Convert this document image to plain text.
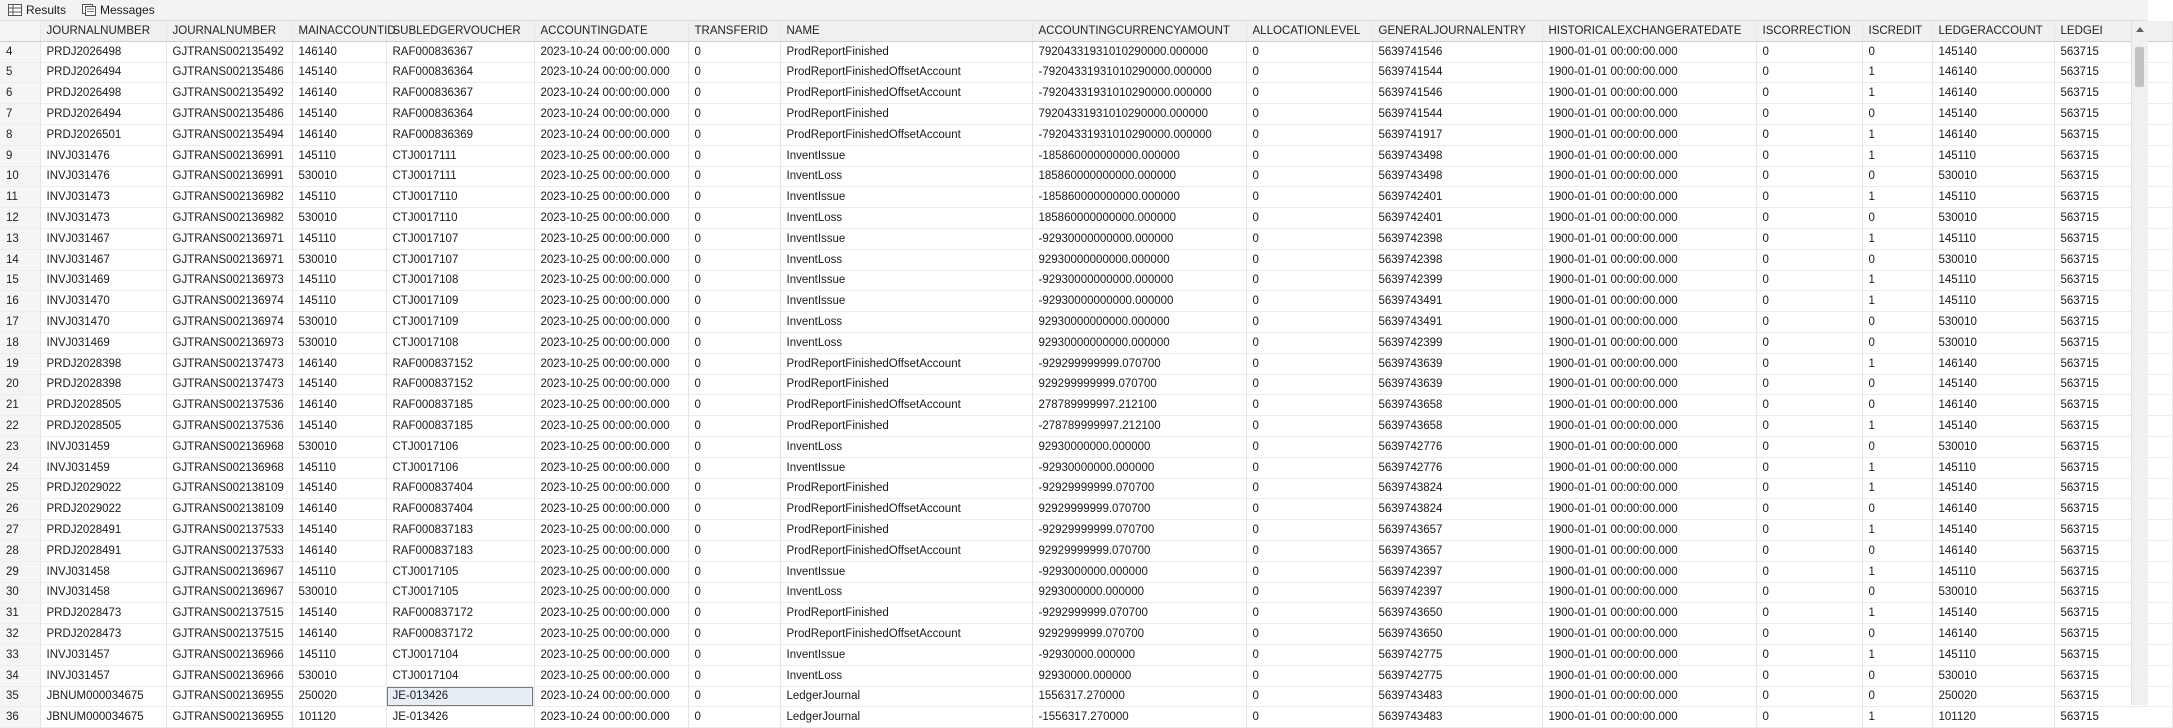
Results	Messages
	JOURNALNUMBER	JOURNALNUMBER	MAINACCOUNTID	SUBLEDGERVOUCHER	ACCOUNTINGDATE	TRANSFERID	NAME	ACCOUNTINGCURRENCYAMOUNT	ALLOCATIONLEVEL	GENERALJOURNALENTRY	HISTORICALEXCHANGERATEDATE	ISCORRECTION	ISCREDIT	LEDGERACCOUNT	LEDGEI
4	PRDJ2026498	GJTRANS002135492	146140	RAF000836367	2023-10-24 00:00:00.000	0	ProdReportFinished	79204331931010290000.000000	0	5639741546	1900-01-01 00:00:00.000	0	0	145140	563715
5	PRDJ2026494	GJTRANS002135486	145140	RAF000836364	2023-10-24 00:00:00.000	0	ProdReportFinishedOffsetAccount	-79204331931010290000.000000	0	5639741544	1900-01-01 00:00:00.000	0	1	146140	563715
6	PRDJ2026498	GJTRANS002135492	146140	RAF000836367	2023-10-24 00:00:00.000	0	ProdReportFinishedOffsetAccount	-79204331931010290000.000000	0	5639741546	1900-01-01 00:00:00.000	0	1	146140	563715
7	PRDJ2026494	GJTRANS002135486	145140	RAF000836364	2023-10-24 00:00:00.000	0	ProdReportFinished	79204331931010290000.000000	0	5639741544	1900-01-01 00:00:00.000	0	0	145140	563715
8	PRDJ2026501	GJTRANS002135494	146140	RAF000836369	2023-10-24 00:00:00.000	0	ProdReportFinishedOffsetAccount	-79204331931010290000.000000	0	5639741917	1900-01-01 00:00:00.000	0	1	146140	563715
9	INVJ031476	GJTRANS002136991	145110	CTJ0017111	2023-10-25 00:00:00.000	0	InventIssue	-185860000000000.000000	0	5639743498	1900-01-01 00:00:00.000	0	1	145110	563715
10	INVJ031476	GJTRANS002136991	530010	CTJ0017111	2023-10-25 00:00:00.000	0	InventLoss	185860000000000.000000	0	5639743498	1900-01-01 00:00:00.000	0	0	530010	563715
11	INVJ031473	GJTRANS002136982	145110	CTJ0017110	2023-10-25 00:00:00.000	0	InventIssue	-185860000000000.000000	0	5639742401	1900-01-01 00:00:00.000	0	1	145110	563715
12	INVJ031473	GJTRANS002136982	530010	CTJ0017110	2023-10-25 00:00:00.000	0	InventLoss	185860000000000.000000	0	5639742401	1900-01-01 00:00:00.000	0	0	530010	563715
13	INVJ031467	GJTRANS002136971	145110	CTJ0017107	2023-10-25 00:00:00.000	0	InventIssue	-92930000000000.000000	0	5639742398	1900-01-01 00:00:00.000	0	1	145110	563715
14	INVJ031467	GJTRANS002136971	530010	CTJ0017107	2023-10-25 00:00:00.000	0	InventLoss	92930000000000.000000	0	5639742398	1900-01-01 00:00:00.000	0	0	530010	563715
15	INVJ031469	GJTRANS002136973	145110	CTJ0017108	2023-10-25 00:00:00.000	0	InventIssue	-92930000000000.000000	0	5639742399	1900-01-01 00:00:00.000	0	1	145110	563715
16	INVJ031470	GJTRANS002136974	145110	CTJ0017109	2023-10-25 00:00:00.000	0	InventIssue	-92930000000000.000000	0	5639743491	1900-01-01 00:00:00.000	0	1	145110	563715
17	INVJ031470	GJTRANS002136974	530010	CTJ0017109	2023-10-25 00:00:00.000	0	InventLoss	92930000000000.000000	0	5639743491	1900-01-01 00:00:00.000	0	0	530010	563715
18	INVJ031469	GJTRANS002136973	530010	CTJ0017108	2023-10-25 00:00:00.000	0	InventLoss	92930000000000.000000	0	5639742399	1900-01-01 00:00:00.000	0	0	530010	563715
19	PRDJ2028398	GJTRANS002137473	146140	RAF000837152	2023-10-25 00:00:00.000	0	ProdReportFinishedOffsetAccount	-929299999999.070700	0	5639743639	1900-01-01 00:00:00.000	0	1	146140	563715
20	PRDJ2028398	GJTRANS002137473	145140	RAF000837152	2023-10-25 00:00:00.000	0	ProdReportFinished	929299999999.070700	0	5639743639	1900-01-01 00:00:00.000	0	0	145140	563715
21	PRDJ2028505	GJTRANS002137536	146140	RAF000837185	2023-10-25 00:00:00.000	0	ProdReportFinishedOffsetAccount	278789999997.212100	0	5639743658	1900-01-01 00:00:00.000	0	0	146140	563715
22	PRDJ2028505	GJTRANS002137536	145140	RAF000837185	2023-10-25 00:00:00.000	0	ProdReportFinished	-278789999997.212100	0	5639743658	1900-01-01 00:00:00.000	0	1	145140	563715
23	INVJ031459	GJTRANS002136968	530010	CTJ0017106	2023-10-25 00:00:00.000	0	InventLoss	92930000000.000000	0	5639742776	1900-01-01 00:00:00.000	0	0	530010	563715
24	INVJ031459	GJTRANS002136968	145110	CTJ0017106	2023-10-25 00:00:00.000	0	InventIssue	-92930000000.000000	0	5639742776	1900-01-01 00:00:00.000	0	1	145110	563715
25	PRDJ2029022	GJTRANS002138109	145140	RAF000837404	2023-10-25 00:00:00.000	0	ProdReportFinished	-92929999999.070700	0	5639743824	1900-01-01 00:00:00.000	0	1	145140	563715
26	PRDJ2029022	GJTRANS002138109	146140	RAF000837404	2023-10-25 00:00:00.000	0	ProdReportFinishedOffsetAccount	92929999999.070700	0	5639743824	1900-01-01 00:00:00.000	0	0	146140	563715
27	PRDJ2028491	GJTRANS002137533	145140	RAF000837183	2023-10-25 00:00:00.000	0	ProdReportFinished	-92929999999.070700	0	5639743657	1900-01-01 00:00:00.000	0	1	145140	563715
28	PRDJ2028491	GJTRANS002137533	146140	RAF000837183	2023-10-25 00:00:00.000	0	ProdReportFinishedOffsetAccount	92929999999.070700	0	5639743657	1900-01-01 00:00:00.000	0	0	146140	563715
29	INVJ031458	GJTRANS002136967	145110	CTJ0017105	2023-10-25 00:00:00.000	0	InventIssue	-9293000000.000000	0	5639742397	1900-01-01 00:00:00.000	0	1	145110	563715
30	INVJ031458	GJTRANS002136967	530010	CTJ0017105	2023-10-25 00:00:00.000	0	InventLoss	9293000000.000000	0	5639742397	1900-01-01 00:00:00.000	0	0	530010	563715
31	PRDJ2028473	GJTRANS002137515	145140	RAF000837172	2023-10-25 00:00:00.000	0	ProdReportFinished	-9292999999.070700	0	5639743650	1900-01-01 00:00:00.000	0	1	145140	563715
32	PRDJ2028473	GJTRANS002137515	146140	RAF000837172	2023-10-25 00:00:00.000	0	ProdReportFinishedOffsetAccount	9292999999.070700	0	5639743650	1900-01-01 00:00:00.000	0	0	146140	563715
33	INVJ031457	GJTRANS002136966	145110	CTJ0017104	2023-10-25 00:00:00.000	0	InventIssue	-92930000.000000	0	5639742775	1900-01-01 00:00:00.000	0	1	145110	563715
34	INVJ031457	GJTRANS002136966	530010	CTJ0017104	2023-10-25 00:00:00.000	0	InventLoss	92930000.000000	0	5639742775	1900-01-01 00:00:00.000	0	0	530010	563715
35	JBNUM000034675	GJTRANS002136955	250020	JE-013426	2023-10-24 00:00:00.000	0	LedgerJournal	1556317.270000	0	5639743483	1900-01-01 00:00:00.000	0	0	250020	563715
36	JBNUM000034675	GJTRANS002136955	101120	JE-013426	2023-10-24 00:00:00.000	0	LedgerJournal	-1556317.270000	0	5639743483	1900-01-01 00:00:00.000	0	1	101120	563715
